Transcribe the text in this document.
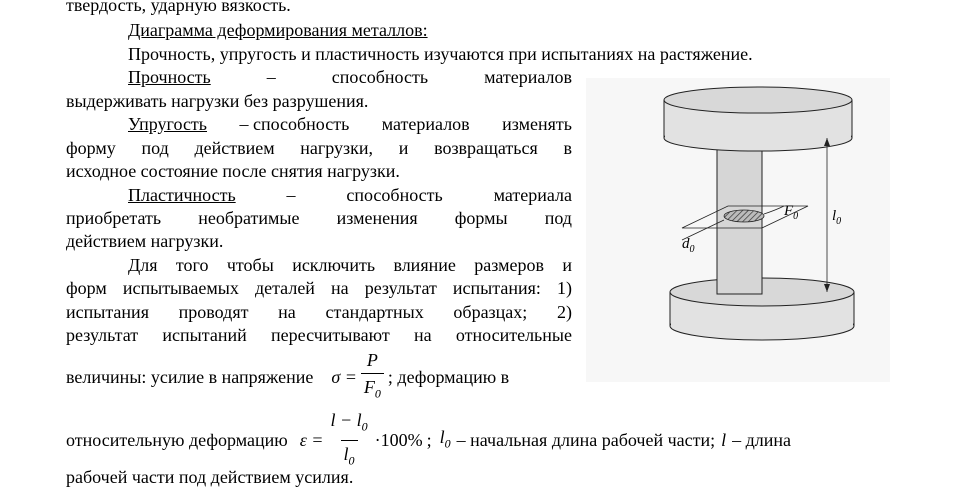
твердость, ударную вязкость.
Диаграмма деформирования металлов:
Прочность, упругость и пластичность изучаются при испытаниях на растяжение.
Прочность	–	способность	материалов
выдерживать нагрузки без разрушения.
Упругость – способность материалов изменять
форму под действием нагрузки, и возвращаться в
исходное состояние после снятия нагрузки.
Пластичность	–	способность	материала
приобретать необратимые изменения формы под
действием нагрузки.
Для того чтобы исключить влияние размеров и
форм испытываемых деталей на результат испытания: 1)
испытания проводят на стандартных образцах; 2)
результат испытаний пересчитывают на относительные
величины: усилие в напряжение $\sigma = \frac{P}{F_0}$ ; деформацию в
относительную деформацию $\varepsilon = \frac{l - l_0}{l_0} \cdot 100\%$ ; $l_0$ – начальная длина рабочей части; l – длина
рабочей части под действием усилия.
$F_0$
$d_0$
$l_0$
